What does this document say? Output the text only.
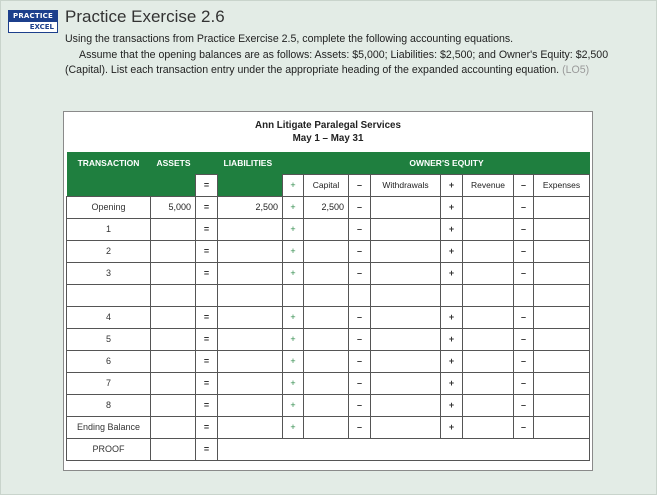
PRACTICE
EXCEL
Practice Exercise 2.6
Using the transactions from Practice Exercise 2.5, complete the following accounting equations.
Assume that the opening balances are as follows: Assets: $5,000; Liabilities: $2,500; and Owner's Equity: $2,500 (Capital). List each transaction entry under the appropriate heading of the expanded accounting equation. (LO5)
Ann Litigate Paralegal Services
May 1 – May 31
TRANSACTION	ASSETS		LIABILITIES		OWNER'S EQUITY						
		=		+	Capital	–	Withdrawals	+	Revenue	–	Expenses
Opening	5,000	=	2,500	+	2,500	–		+		–	
1		=		+		–		+		–	
2		=		+		–		+		–	
3		=		+		–		+		–	

4		=		+		–		+		–	
5		=		+		–		+		–	
6		=		+		–		+		–	
7		=		+		–		+		–	
8		=		+		–		+		–	
Ending Balance		=		+		–		+		–	
PROOF		=									
